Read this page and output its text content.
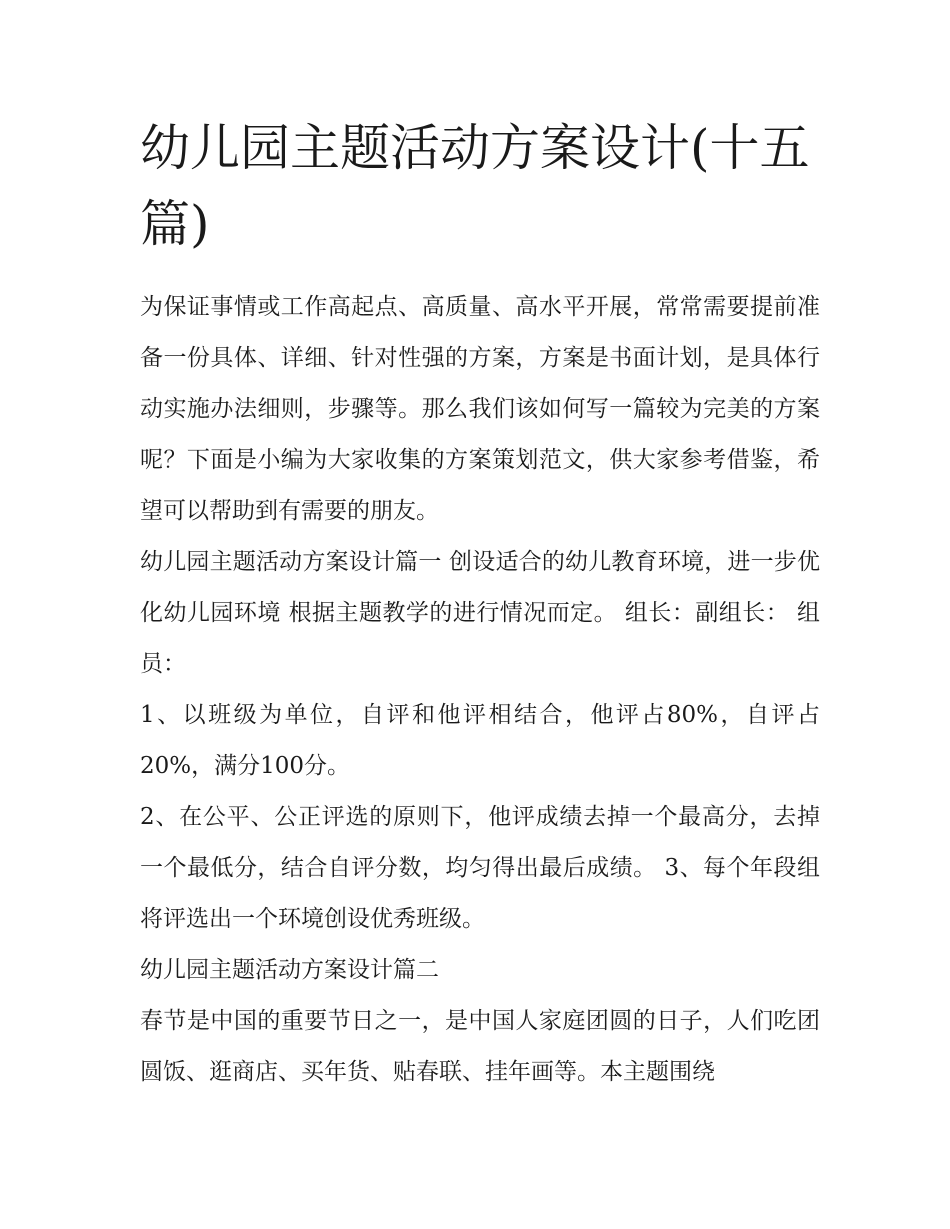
幼儿园主题活动方案设计(十五篇)

为保证事情或工作高起点、高质量、高水平开展，常常需要提前准备一份具体、详细、针对性强的方案，方案是书面计划，是具体行动实施办法细则，步骤等。那么我们该如何写一篇较为完美的方案呢？下面是小编为大家收集的方案策划范文，供大家参考借鉴，希望可以帮助到有需要的朋友。

幼儿园主题活动方案设计篇一 创设适合的幼儿教育环境，进一步优化幼儿园环境 根据主题教学的进行情况而定。 组长：副组长： 组员：

1、以班级为单位，自评和他评相结合，他评占80%，自评占20%，满分100分。

2、在公平、公正评选的原则下，他评成绩去掉一个最高分，去掉一个最低分，结合自评分数，均匀得出最后成绩。 3、每个年段组将评选出一个环境创设优秀班级。

幼儿园主题活动方案设计篇二

春节是中国的重要节日之一，是中国人家庭团圆的日子，人们吃团圆饭、逛商店、买年货、贴春联、挂年画等。本主题围绕
